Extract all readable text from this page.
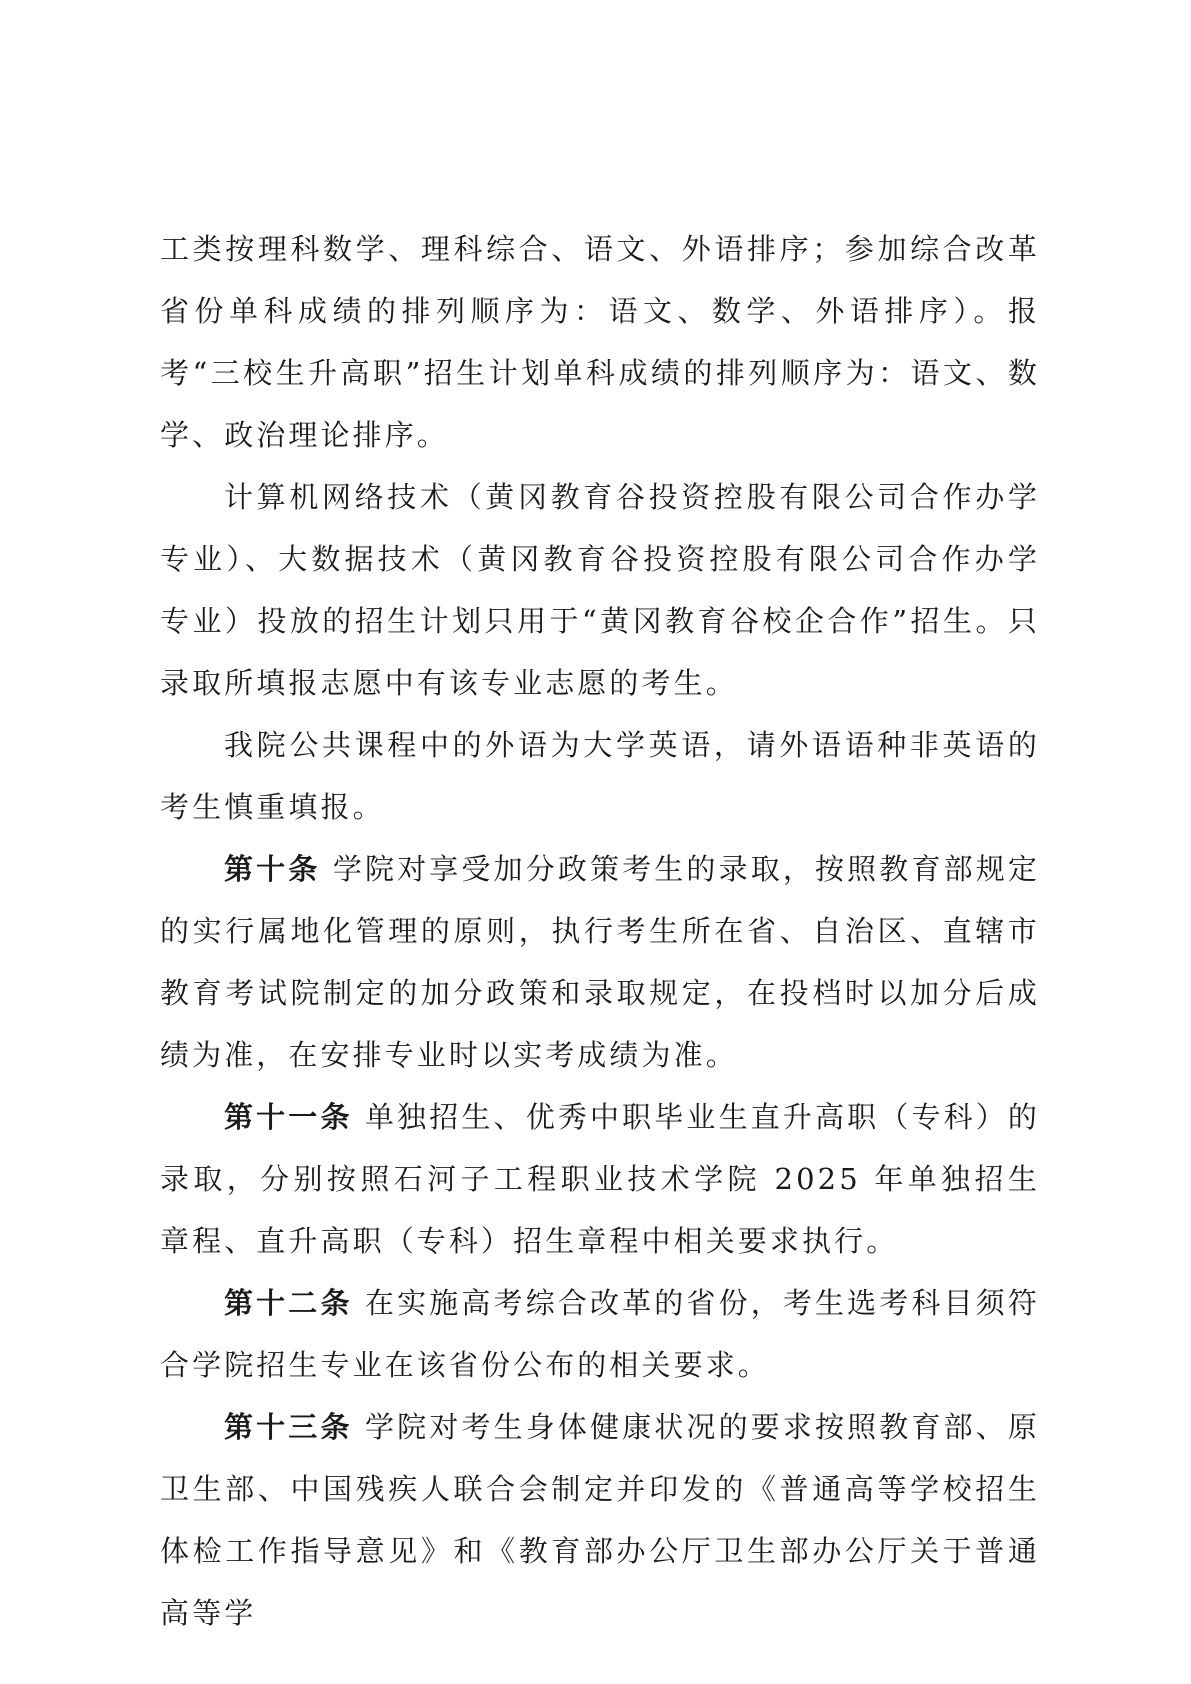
工类按理科数学、理科综合、语文、外语排序；参加综合改革省份单科成绩的排列顺序为：语文、数学、外语排序）。报考“三校生升高职”招生计划单科成绩的排列顺序为：语文、数学、政治理论排序。

计算机网络技术（黄冈教育谷投资控股有限公司合作办学专业）、大数据技术（黄冈教育谷投资控股有限公司合作办学专业）投放的招生计划只用于“黄冈教育谷校企合作”招生。只录取所填报志愿中有该专业志愿的考生。

我院公共课程中的外语为大学英语，请外语语种非英语的考生慎重填报。

第十条 学院对享受加分政策考生的录取，按照教育部规定的实行属地化管理的原则，执行考生所在省、自治区、直辖市教育考试院制定的加分政策和录取规定，在投档时以加分后成绩为准，在安排专业时以实考成绩为准。

第十一条 单独招生、优秀中职毕业生直升高职（专科）的录取，分别按照石河子工程职业技术学院 2025 年单独招生章程、直升高职（专科）招生章程中相关要求执行。

第十二条 在实施高考综合改革的省份，考生选考科目须符合学院招生专业在该省份公布的相关要求。

第十三条 学院对考生身体健康状况的要求按照教育部、原卫生部、中国残疾人联合会制定并印发的《普通高等学校招生体检工作指导意见》和《教育部办公厅卫生部办公厅关于普通高等学
